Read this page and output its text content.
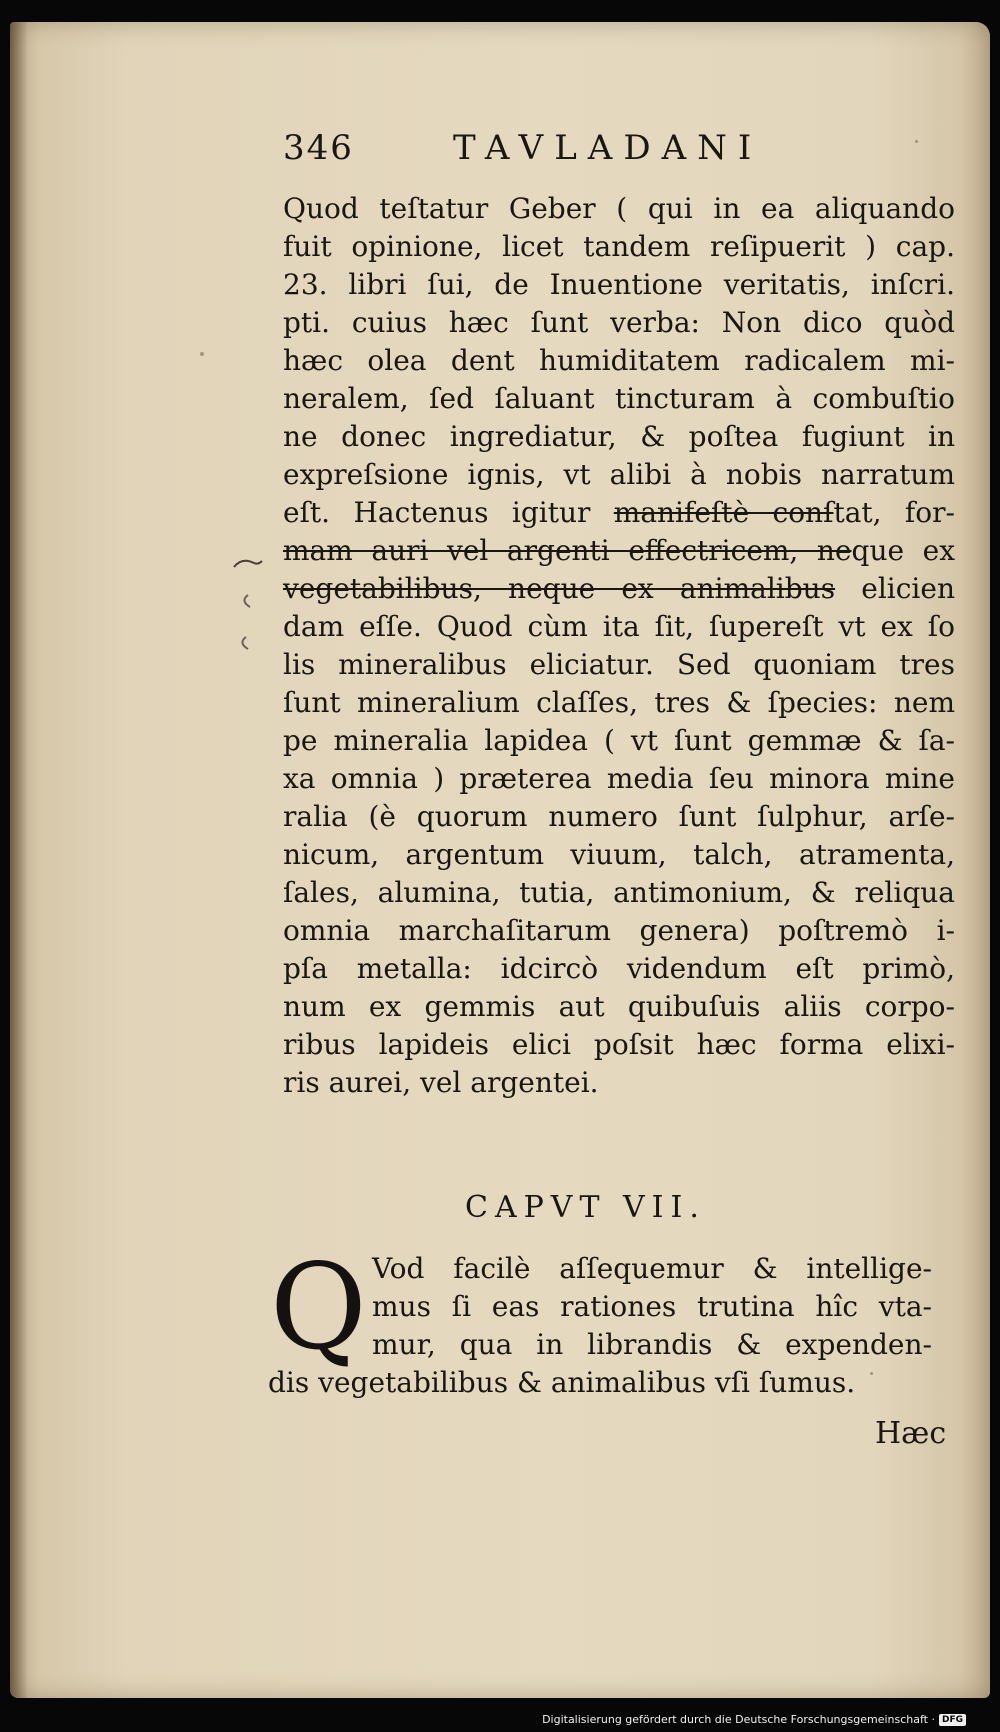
346	TAVLADANI
Quod teſtatur Geber ( qui in ea aliquando
fuit opinione, licet tandem reſipuerit ) cap.
23. libri ſui, de Inuentione veritatis, inſcri.
pti. cuius hæc ſunt verba: Non dico quòd
hæc olea dent humiditatem radicalem mi-
neralem, ſed ſaluant tincturam à combuſtio
ne donec ingrediatur, & poſtea fugiunt in
expreſsione ignis, vt alibi à nobis narratum
eſt. Hactenus igitur manifeſtè conſtat, for-
mam auri vel argenti effectricem, neque ex
vegetabilibus, neque ex animalibus elicien
dam eſſe. Quod cùm ita ſit, ſupereſt vt ex ſo
lis mineralibus eliciatur. Sed quoniam tres
ſunt mineralium claſſes, tres & ſpecies: nem
pe mineralia lapidea ( vt ſunt gemmæ & ſa-
xa omnia ) præterea media ſeu minora mine
ralia (è quorum numero ſunt ſulphur, arſe-
nicum, argentum viuum, talch, atramenta,
ſales, alumina, tutia, antimonium, & reliqua
omnia marchaſitarum genera) poſtremò i-
pſa metalla: idcircò videndum eſt primò,
num ex gemmis aut quibuſuis aliis corpo-
ribus lapideis elici poſsit hæc forma elixi-
ris aurei, vel argentei.
CAPVT VII.
Q Vod facilè aſſequemur & intellige-
mus ſi eas rationes trutina hîc vta-
mur, qua in librandis & expenden-
dis vegetabilibus & animalibus vſi ſumus.
Hæc
Digitalisierung gefördert durch die Deutsche Forschungsgemeinschaft · DFG
